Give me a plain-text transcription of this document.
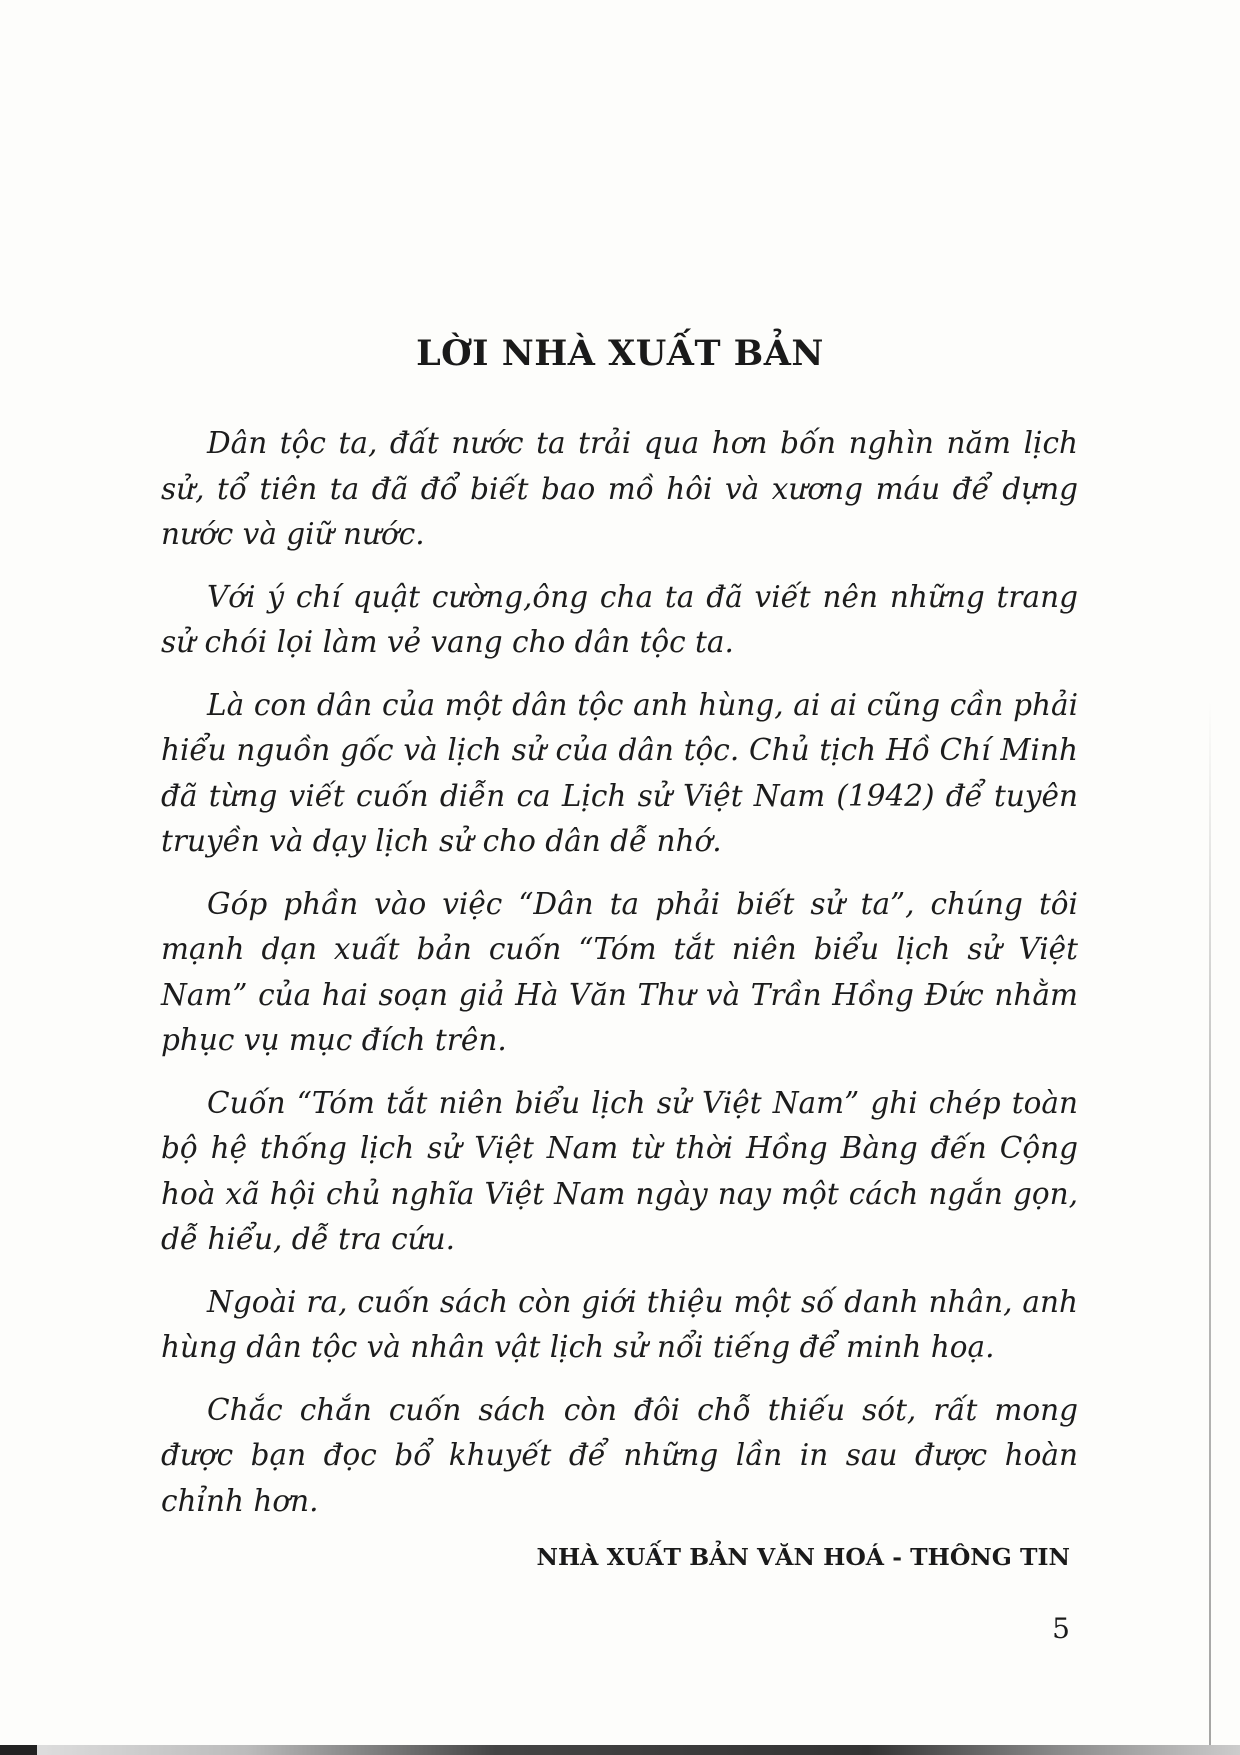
LỜI NHÀ XUẤT BẢN

Dân tộc ta, đất nước ta trải qua hơn bốn nghìn năm lịch sử, tổ tiên ta đã đổ biết bao mồ hôi và xương máu để dựng nước và giữ nước.

Với ý chí quật cường,ông cha ta đã viết nên những trang sử chói lọi làm vẻ vang cho dân tộc ta.

Là con dân của một dân tộc anh hùng, ai ai cũng cần phải hiểu nguồn gốc và lịch sử của dân tộc. Chủ tịch Hồ Chí Minh đã từng viết cuốn diễn ca Lịch sử Việt Nam (1942) để tuyên truyền và dạy lịch sử cho dân dễ nhớ.

Góp phần vào việc “Dân ta phải biết sử ta”, chúng tôi mạnh dạn xuất bản cuốn “Tóm tắt niên biểu lịch sử Việt Nam” của hai soạn giả Hà Văn Thư và Trần Hồng Đức nhằm phục vụ mục đích trên.

Cuốn “Tóm tắt niên biểu lịch sử Việt Nam” ghi chép toàn bộ hệ thống lịch sử Việt Nam từ thời Hồng Bàng đến Cộng hoà xã hội chủ nghĩa Việt Nam ngày nay một cách ngắn gọn, dễ hiểu, dễ tra cứu.

Ngoài ra, cuốn sách còn giới thiệu một số danh nhân, anh hùng dân tộc và nhân vật lịch sử nổi tiếng để minh hoạ.

Chắc chắn cuốn sách còn đôi chỗ thiếu sót, rất mong được bạn đọc bổ khuyết để những lần in sau được hoàn chỉnh hơn.

NHÀ XUẤT BẢN VĂN HOÁ - THÔNG TIN

5
